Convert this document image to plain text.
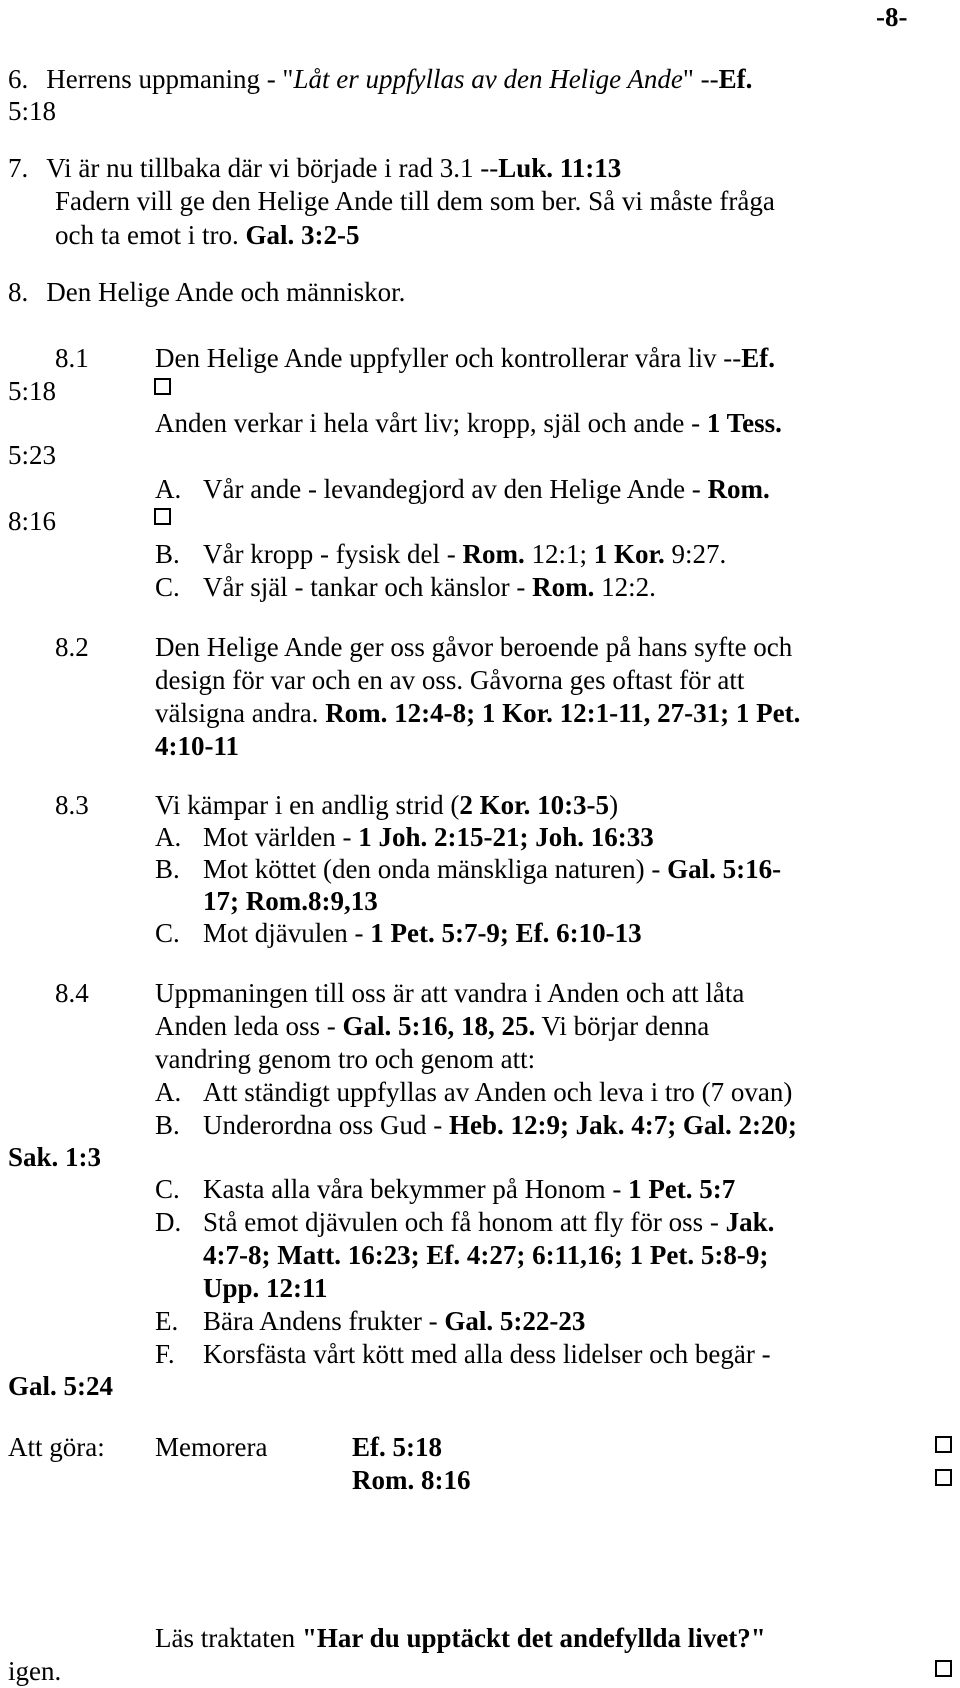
-8-
6. Herrens uppmaning - "Låt er uppfyllas av den Helige Ande" --Ef.
5:18
7. Vi är nu tillbaka där vi började i rad 3.1 --Luk. 11:13
Fadern vill ge den Helige Ande till dem som ber. Så vi måste fråga
och ta emot i tro. Gal. 3:2-5
8. Den Helige Ande och människor.
8.1 Den Helige Ande uppfyller och kontrollerar våra liv --Ef.
5:18
Anden verkar i hela vårt liv; kropp, själ och ande - 1 Tess.
5:23
A. Vår ande - levandegjord av den Helige Ande - Rom.
8:16
B. Vår kropp - fysisk del - Rom. 12:1; 1 Kor. 9:27.
C. Vår själ - tankar och känslor - Rom. 12:2.
8.2 Den Helige Ande ger oss gåvor beroende på hans syfte och
design för var och en av oss. Gåvorna ges oftast för att
välsigna andra. Rom. 12:4-8; 1 Kor. 12:1-11, 27-31; 1 Pet.
4:10-11
8.3 Vi kämpar i en andlig strid (2 Kor. 10:3-5)
A. Mot världen - 1 Joh. 2:15-21; Joh. 16:33
B. Mot köttet (den onda mänskliga naturen) - Gal. 5:16-
17; Rom.8:9,13
C. Mot djävulen - 1 Pet. 5:7-9; Ef. 6:10-13
8.4 Uppmaningen till oss är att vandra i Anden och att låta
Anden leda oss - Gal. 5:16, 18, 25. Vi börjar denna
vandring genom tro och genom att:
A. Att ständigt uppfyllas av Anden och leva i tro (7 ovan)
B. Underordna oss Gud - Heb. 12:9; Jak. 4:7; Gal. 2:20;
Sak. 1:3
C. Kasta alla våra bekymmer på Honom - 1 Pet. 5:7
D. Stå emot djävulen och få honom att fly för oss - Jak.
4:7-8; Matt. 16:23; Ef. 4:27; 6:11,16; 1 Pet. 5:8-9;
Upp. 12:11
E. Bära Andens frukter - Gal. 5:22-23
F. Korsfästa vårt kött med alla dess lidelser och begär -
Gal. 5:24
Att göra: Memorera	Ef. 5:18
Rom. 8:16
Läs traktaten "Har du upptäckt det andefyllda livet?"
igen.
